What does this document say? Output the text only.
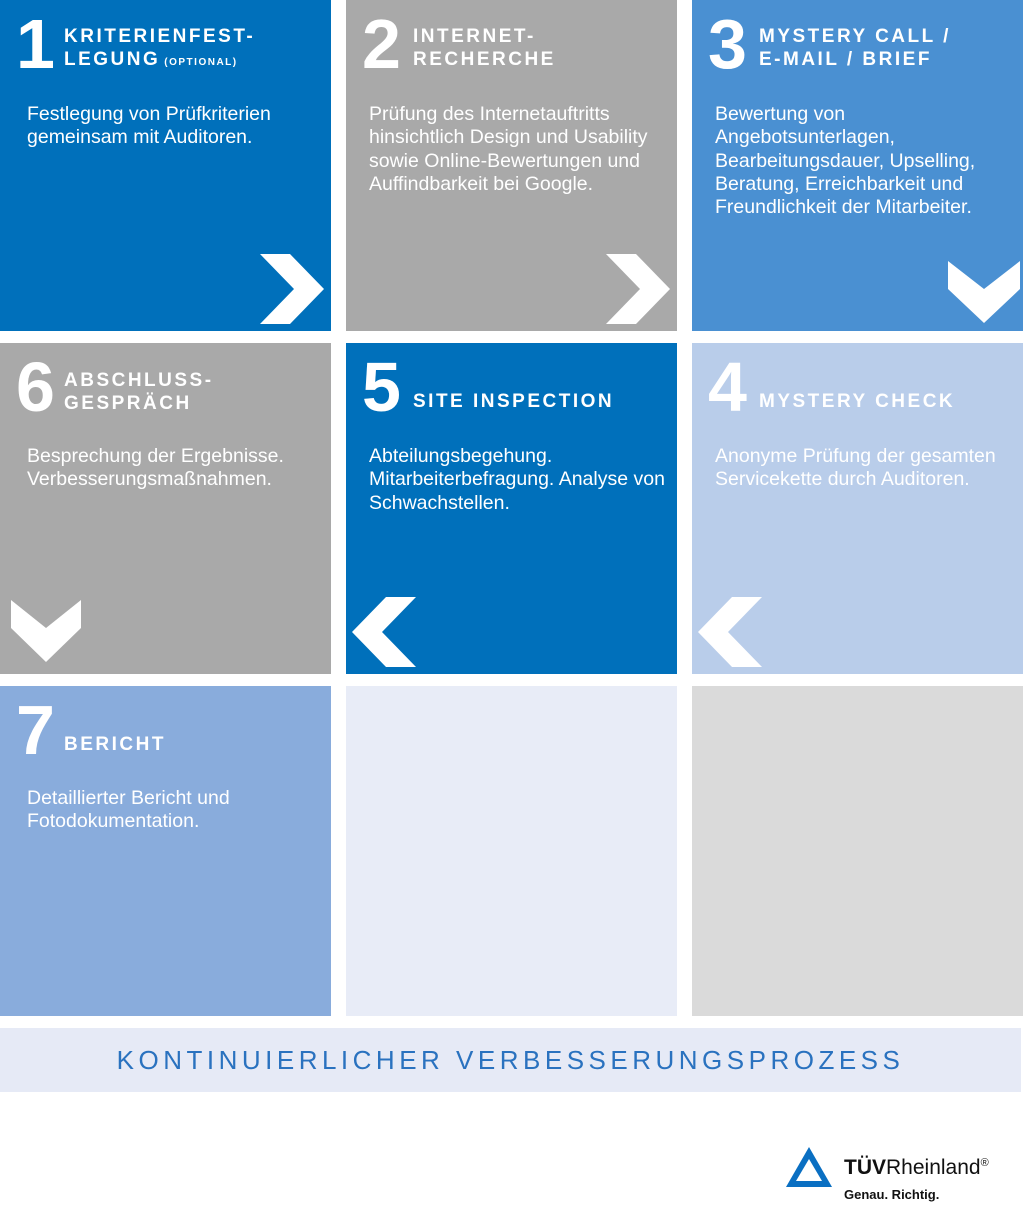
1 KRITERIENFEST-
LEGUNG (OPTIONAL)
Festlegung von Prüfkriterien gemeinsam mit Auditoren.
2 INTERNET-
RECHERCHE
Prüfung des Internetauftritts hinsichtlich Design und Usability sowie Online-Bewertungen und Auffindbarkeit bei Google.
3 MYSTERY CALL /
E-MAIL / BRIEF
Bewertung von Angebotsunterlagen, Bearbeitungsdauer, Upselling, Beratung, Erreichbarkeit und Freundlichkeit der Mitarbeiter.
6 ABSCHLUSS-
GESPRÄCH
Besprechung der Ergebnisse. Verbesserungsmaßnahmen.
5 SITE INSPECTION
Abteilungsbegehung. Mitarbeiterbefragung. Analyse von Schwachstellen.
4 MYSTERY CHECK
Anonyme Prüfung der gesamten Servicekette durch Auditoren.
7 BERICHT
Detaillierter Bericht und Fotodokumentation.
KONTINUIERLICHER VERBESSERUNGSPROZESS
TÜVRheinland®
Genau. Richtig.
